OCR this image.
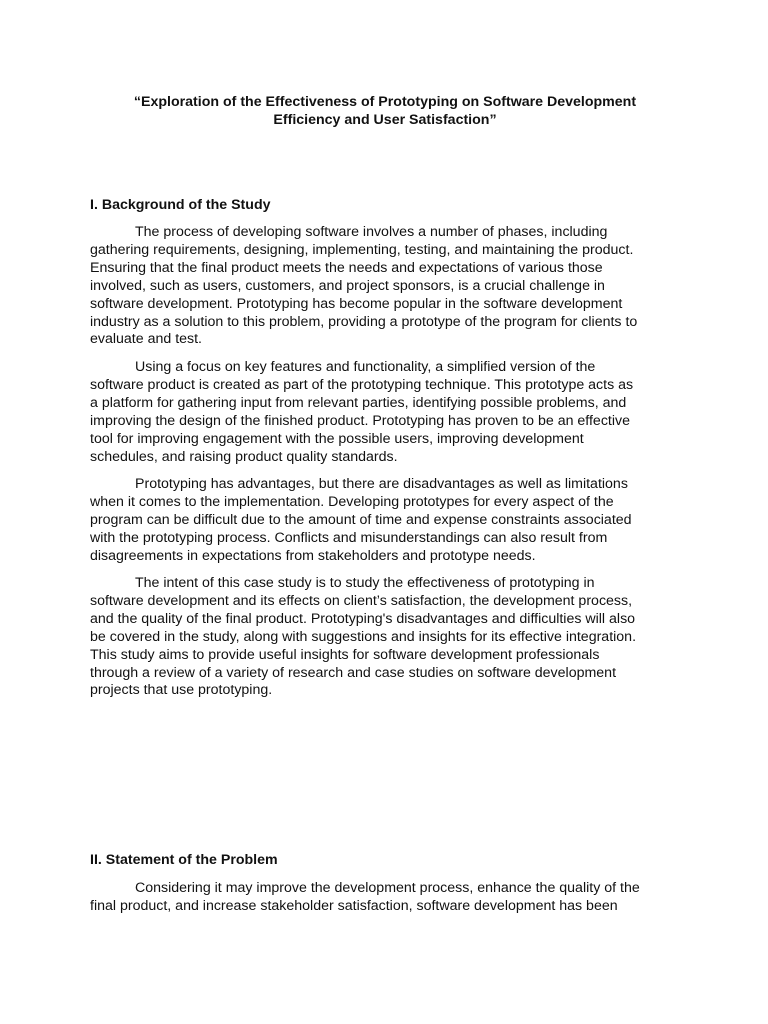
“Exploration of the Effectiveness of Prototyping on Software Development
Efficiency and User Satisfaction”
I. Background of the Study

The process of developing software involves a number of phases, including
gathering requirements, designing, implementing, testing, and maintaining the product.
Ensuring that the final product meets the needs and expectations of various those
involved, such as users, customers, and project sponsors, is a crucial challenge in
software development. Prototyping has become popular in the software development
industry as a solution to this problem, providing a prototype of the program for clients to
evaluate and test.

Using a focus on key features and functionality, a simplified version of the
software product is created as part of the prototyping technique. This prototype acts as
a platform for gathering input from relevant parties, identifying possible problems, and
improving the design of the finished product. Prototyping has proven to be an effective
tool for improving engagement with the possible users, improving development
schedules, and raising product quality standards.

Prototyping has advantages, but there are disadvantages as well as limitations
when it comes to the implementation. Developing prototypes for every aspect of the
program can be difficult due to the amount of time and expense constraints associated
with the prototyping process. Conflicts and misunderstandings can also result from
disagreements in expectations from stakeholders and prototype needs.

The intent of this case study is to study the effectiveness of prototyping in
software development and its effects on client’s satisfaction, the development process,
and the quality of the final product. Prototyping's disadvantages and difficulties will also
be covered in the study, along with suggestions and insights for its effective integration.
This study aims to provide useful insights for software development professionals
through a review of a variety of research and case studies on software development
projects that use prototyping.

II. Statement of the Problem

Considering it may improve the development process, enhance the quality of the
final product, and increase stakeholder satisfaction, software development has been
